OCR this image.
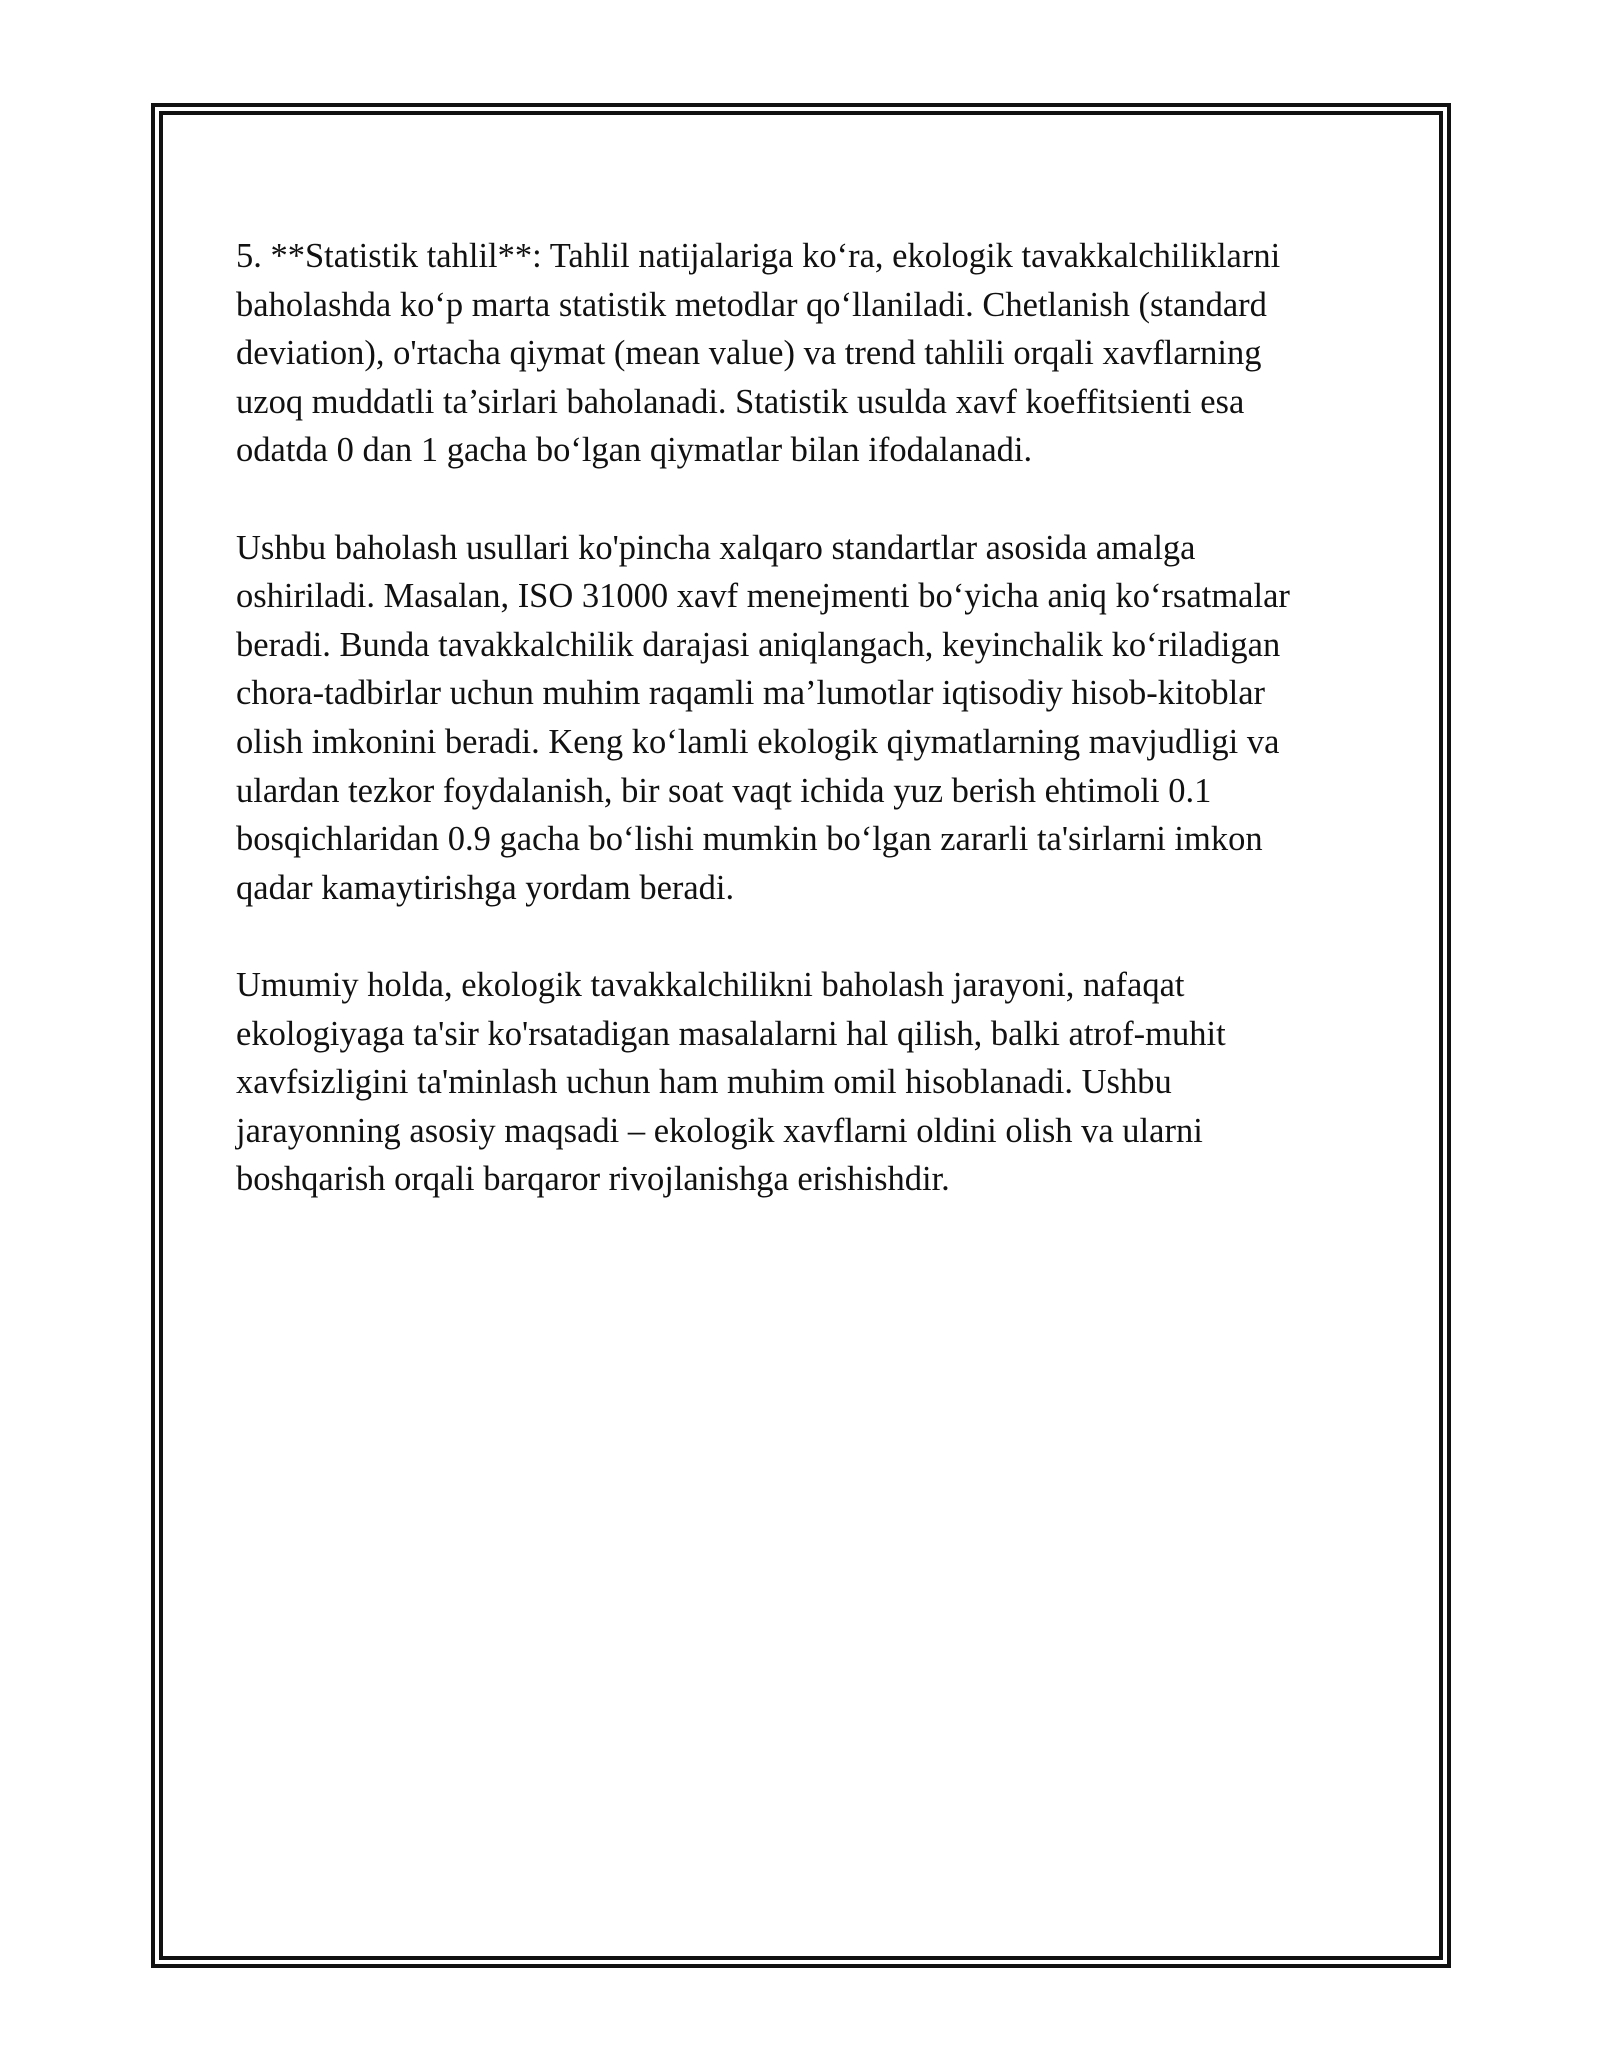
5. **Statistik tahlil**: Tahlil natijalariga ko‘ra, ekologik tavakkalchiliklarni
baholashda ko‘p marta statistik metodlar qo‘llaniladi. Chetlanish (standard
deviation), o'rtacha qiymat (mean value) va trend tahlili orqali xavflarning
uzoq muddatli ta’sirlari baholanadi. Statistik usulda xavf koeffitsienti esa
odatda 0 dan 1 gacha bo‘lgan qiymatlar bilan ifodalanadi.

Ushbu baholash usullari ko'pincha xalqaro standartlar asosida amalga
oshiriladi. Masalan, ISO 31000 xavf menejmenti bo‘yicha aniq ko‘rsatmalar
beradi. Bunda tavakkalchilik darajasi aniqlangach, keyinchalik ko‘riladigan
chora-tadbirlar uchun muhim raqamli ma’lumotlar iqtisodiy hisob-kitoblar
olish imkonini beradi. Keng ko‘lamli ekologik qiymatlarning mavjudligi va
ulardan tezkor foydalanish, bir soat vaqt ichida yuz berish ehtimoli 0.1
bosqichlaridan 0.9 gacha bo‘lishi mumkin bo‘lgan zararli ta'sirlarni imkon
qadar kamaytirishga yordam beradi.

Umumiy holda, ekologik tavakkalchilikni baholash jarayoni, nafaqat
ekologiyaga ta'sir ko'rsatadigan masalalarni hal qilish, balki atrof-muhit
xavfsizligini ta'minlash uchun ham muhim omil hisoblanadi. Ushbu
jarayonning asosiy maqsadi – ekologik xavflarni oldini olish va ularni
boshqarish orqali barqaror rivojlanishga erishishdir.
